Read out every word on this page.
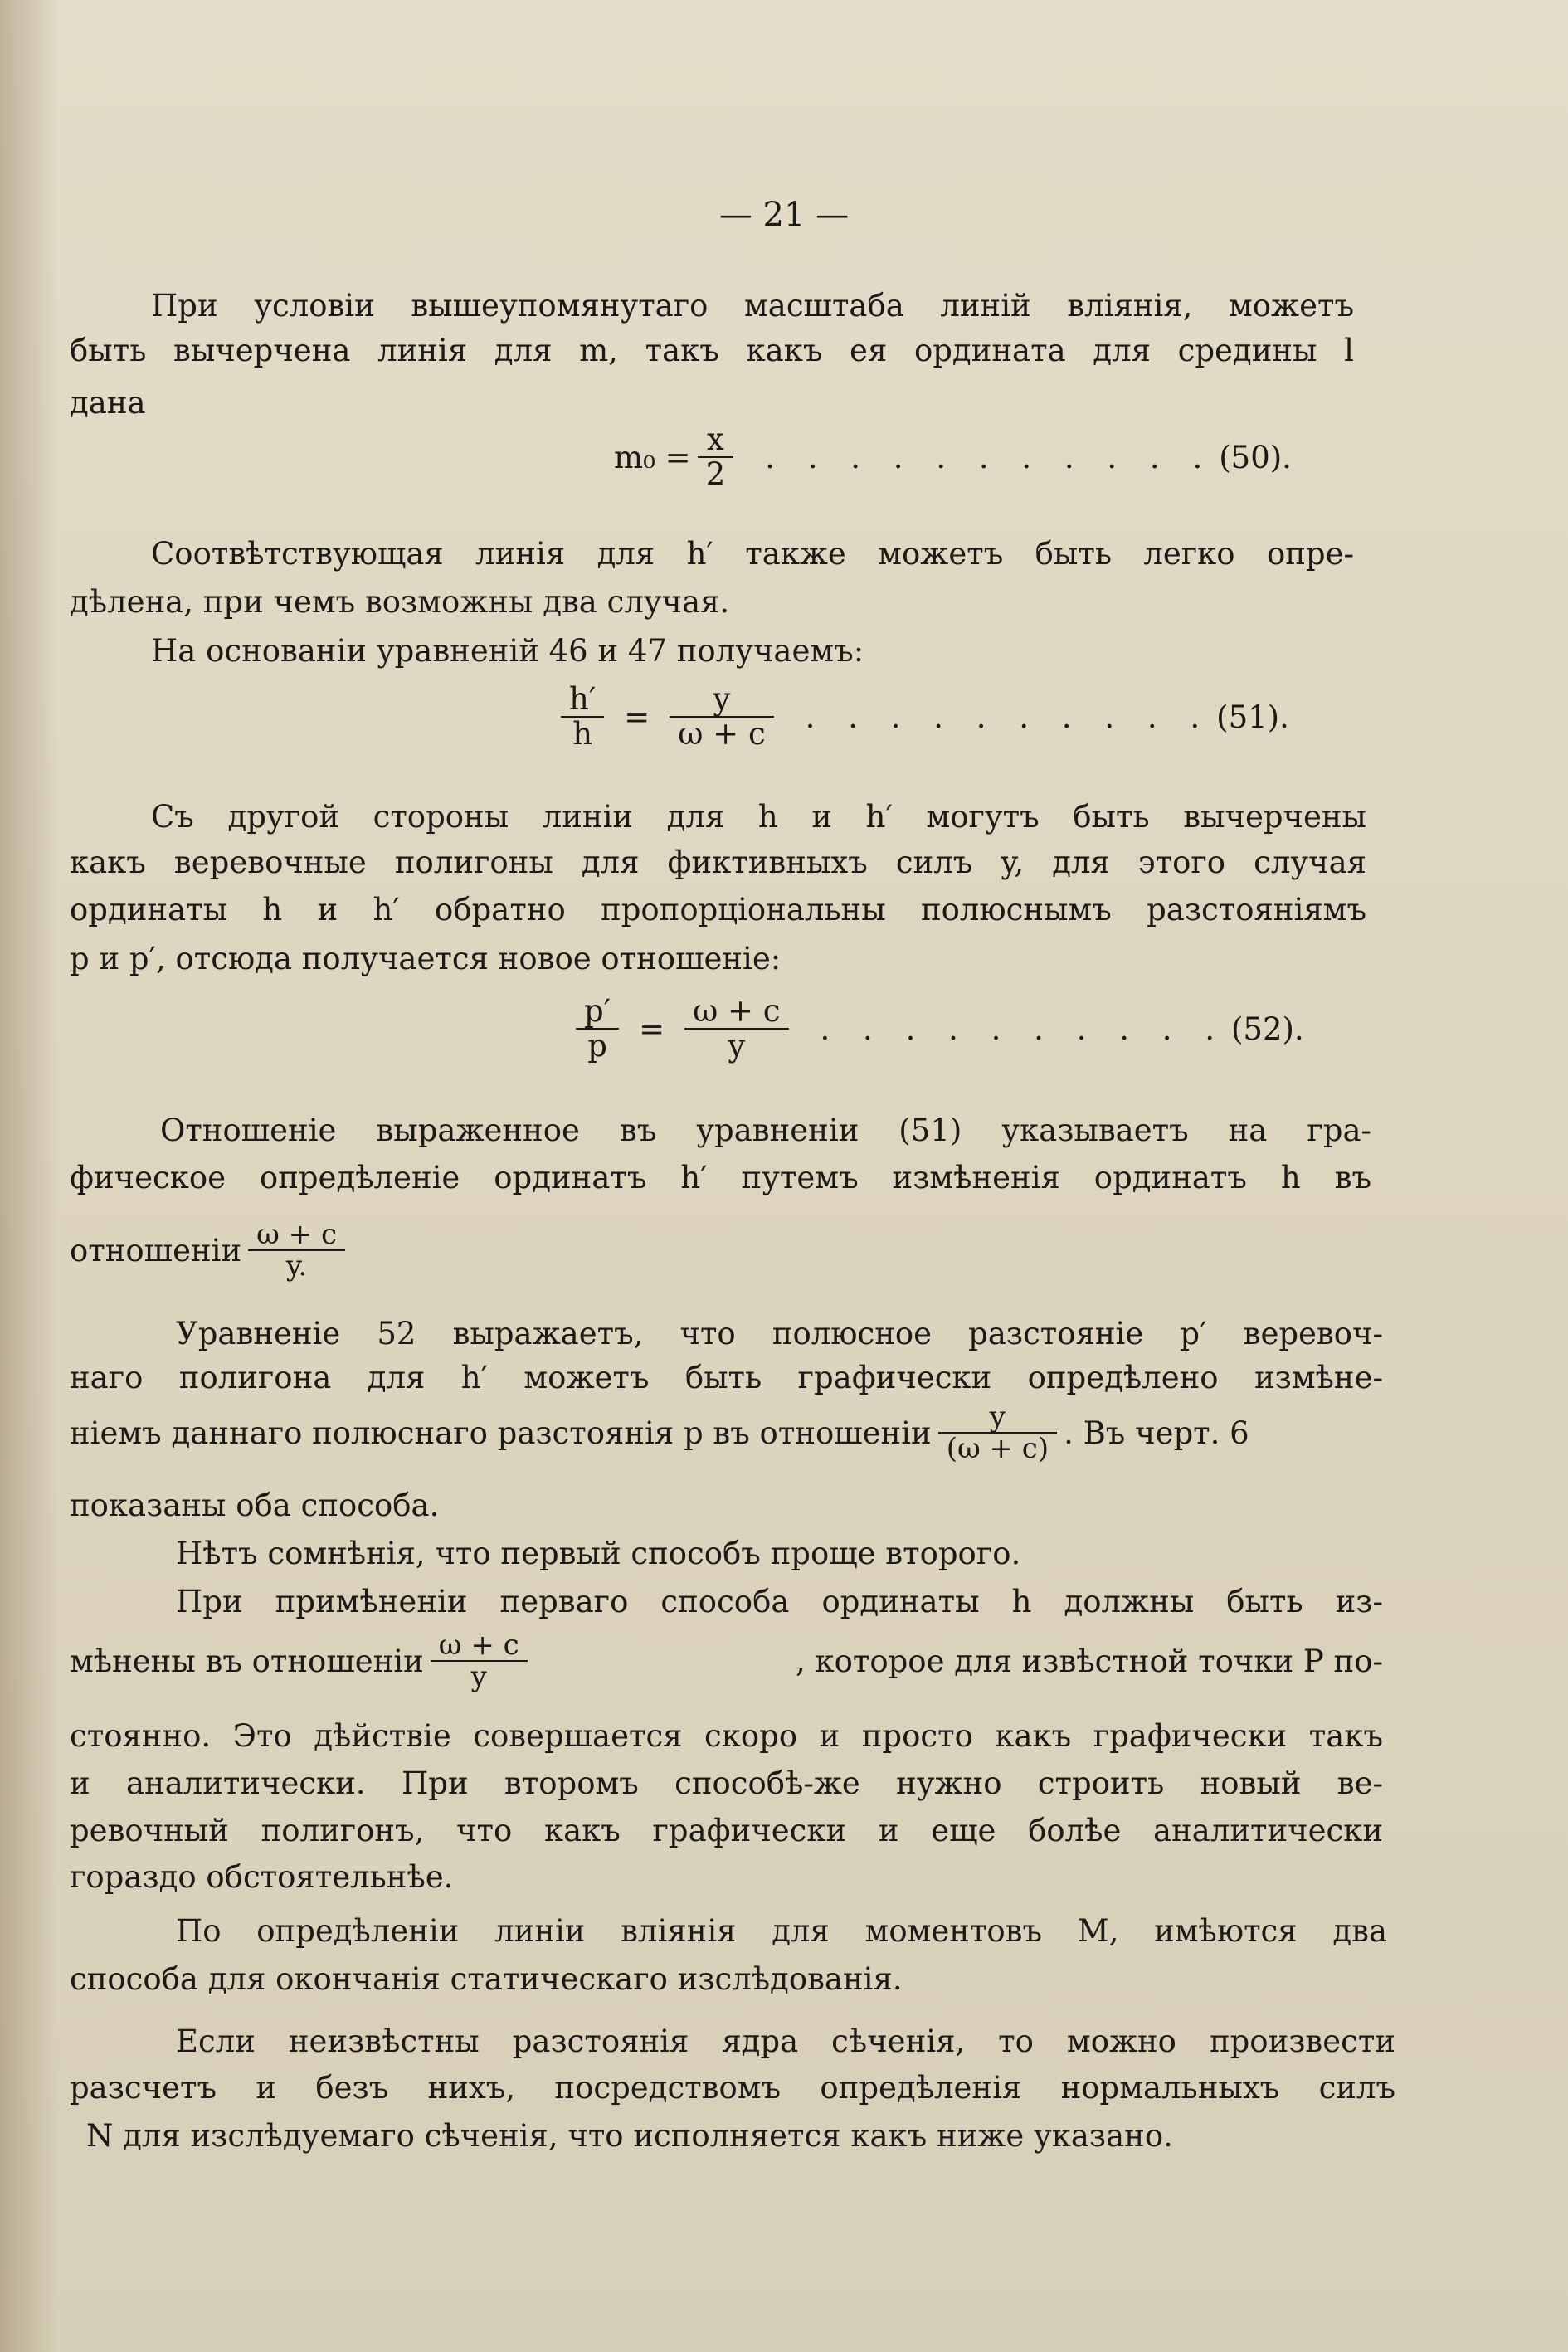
— 21 —

При условіи вышеупомянутаго масштаба линій вліянія, можетъ

быть вычерчена линія для m, такъ какъ ея ордината для средины l

дана

$m_0 = \frac{x}{2}$ . . . . . . . . . . . (50).

Соотвѣтствующая линія для h′ также можетъ быть легко опре-

дѣлена, при чемъ возможны два случая.

На основаніи уравненій 46 и 47 получаемъ:

$\frac{h'}{h} = \frac{y}{\omega + c}$ . . . . . . . . . . (51).

Съ другой стороны линіи для h и h′ могутъ быть вычерчены

какъ веревочные полигоны для фиктивныхъ силъ y, для этого случая

ординаты h и h′ обратно пропорціональны полюснымъ разстояніямъ

p и p′, отсюда получается новое отношеніе:

$\frac{p'}{p} = \frac{\omega + c}{y}$ . . . . . . . . . . (52).

Отношеніе выраженное въ уравненіи (51) указываетъ на гра-

фическое опредѣленіе ординатъ h′ путемъ измѣненія ординатъ h въ

отношеніи $\frac{\omega + c}{y.}$

Уравненіе 52 выражаетъ, что полюсное разстояніе p′ веревоч-

наго полигона для h′ можетъ быть графически опредѣлено измѣне-

ніемъ даннаго полюснаго разстоянія p въ отношеніи $\frac{y}{(\omega + c)}$ . Въ черт. 6

показаны оба способа.

Нѣтъ сомнѣнія, что первый способъ проще второго.

При примѣненіи перваго способа ординаты h должны быть из-

мѣнены въ отношеніи $\frac{\omega + c}{y}$	, которое для извѣстной точки P по-

стоянно. Это дѣйствіе совершается скоро и просто какъ графически такъ

и аналитически. При второмъ способѣ-же нужно строить новый ве-

ревочный полигонъ, что какъ графически и еще болѣе аналитически

гораздо обстоятельнѣе.

По опредѣленіи линіи вліянія для моментовъ M, имѣются два

способа для окончанія статическаго изслѣдованія.

Если неизвѣстны разстоянія ядра сѣченія, то можно произвести

разсчетъ и безъ нихъ, посредствомъ опредѣленія нормальныхъ силъ

N для изслѣдуемаго сѣченія, что исполняется какъ ниже указано.
